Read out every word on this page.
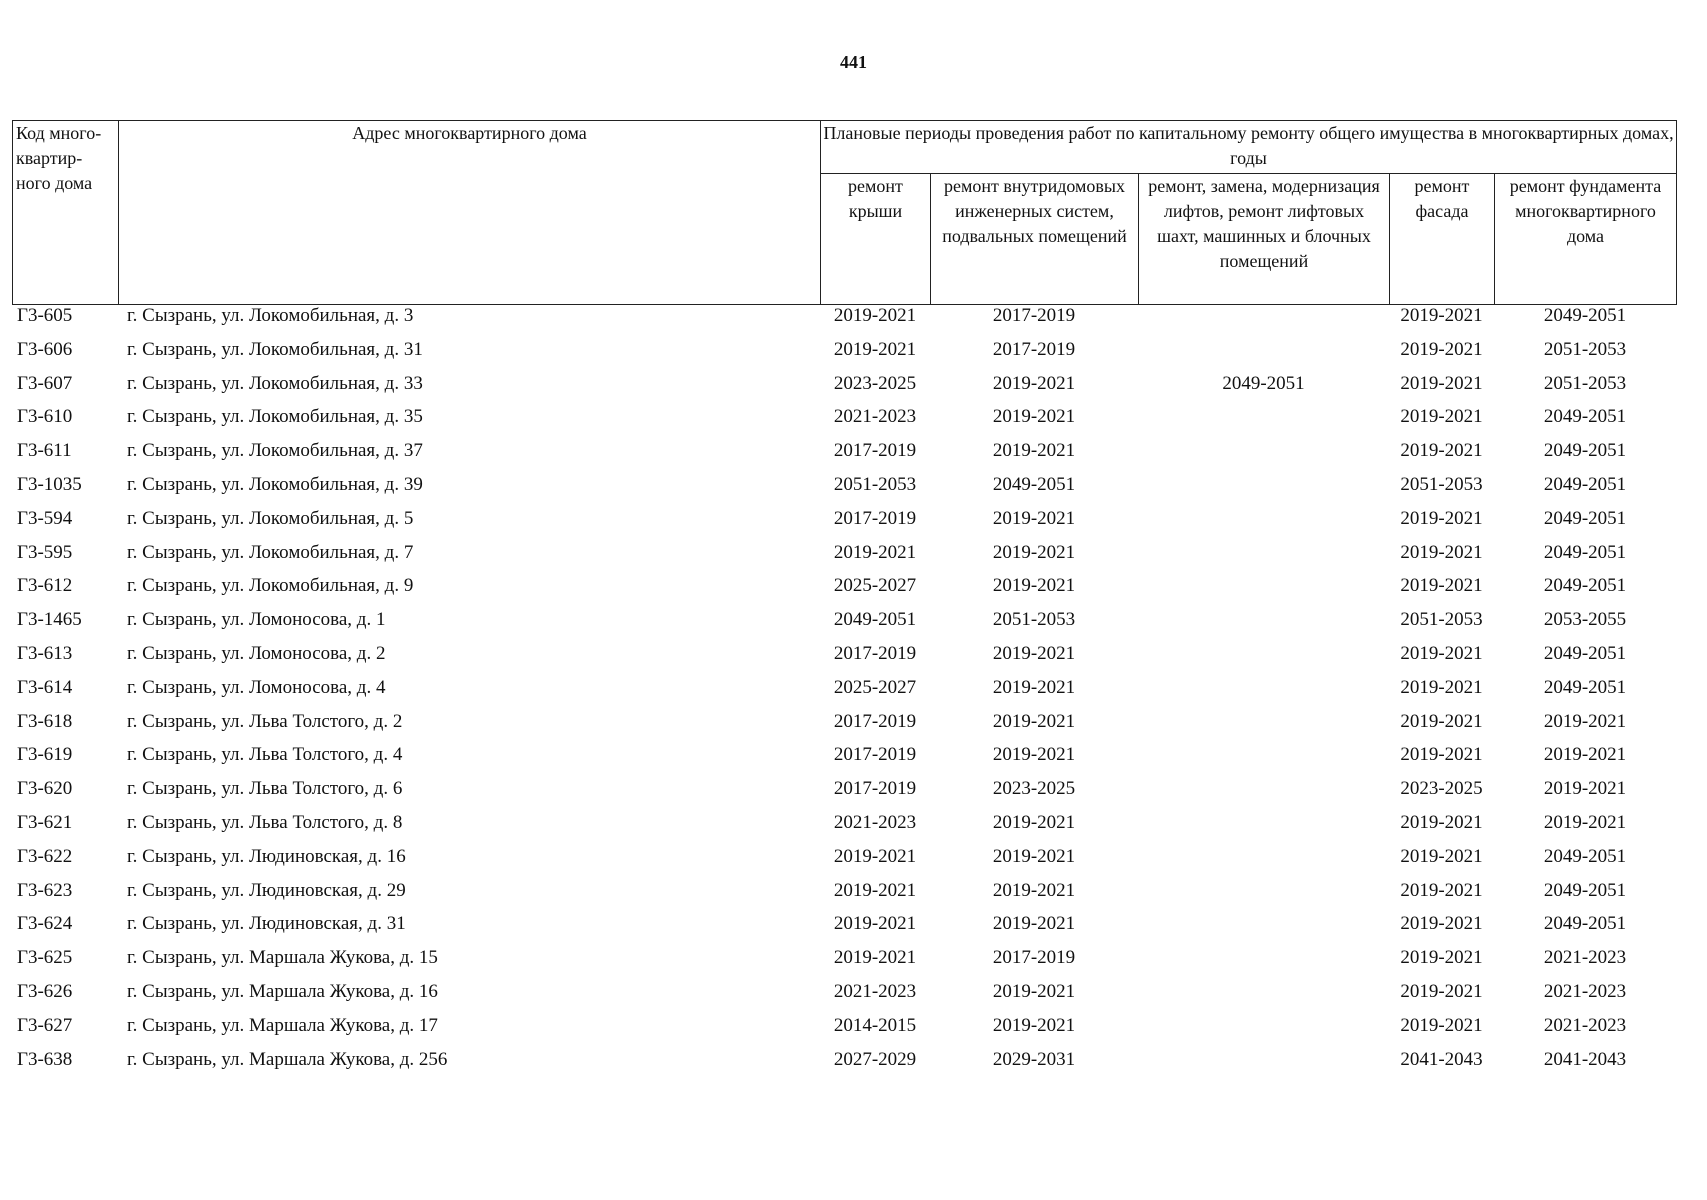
441
Код много-квартир-ного дома	Адрес многоквартирного дома	Плановые периоды проведения работ по капитальному ремонту общего имущества в многоквартирных домах, годы				
		ремонт крыши	ремонт внутридомовых инженерных систем, подвальных помещений	ремонт, замена, модернизация лифтов, ремонт лифтовых шахт, машинных и блочных помещений	ремонт фасада	ремонт фундамента многоквартирного дома
Г3-605	г. Сызрань, ул. Локомобильная, д. 3	2019-2021	2017-2019		2019-2021	2049-2051
Г3-606	г. Сызрань, ул. Локомобильная, д. 31	2019-2021	2017-2019		2019-2021	2051-2053
Г3-607	г. Сызрань, ул. Локомобильная, д. 33	2023-2025	2019-2021	2049-2051	2019-2021	2051-2053
Г3-610	г. Сызрань, ул. Локомобильная, д. 35	2021-2023	2019-2021		2019-2021	2049-2051
Г3-611	г. Сызрань, ул. Локомобильная, д. 37	2017-2019	2019-2021		2019-2021	2049-2051
Г3-1035	г. Сызрань, ул. Локомобильная, д. 39	2051-2053	2049-2051		2051-2053	2049-2051
Г3-594	г. Сызрань, ул. Локомобильная, д. 5	2017-2019	2019-2021		2019-2021	2049-2051
Г3-595	г. Сызрань, ул. Локомобильная, д. 7	2019-2021	2019-2021		2019-2021	2049-2051
Г3-612	г. Сызрань, ул. Локомобильная, д. 9	2025-2027	2019-2021		2019-2021	2049-2051
Г3-1465	г. Сызрань, ул. Ломоносова, д. 1	2049-2051	2051-2053		2051-2053	2053-2055
Г3-613	г. Сызрань, ул. Ломоносова, д. 2	2017-2019	2019-2021		2019-2021	2049-2051
Г3-614	г. Сызрань, ул. Ломоносова, д. 4	2025-2027	2019-2021		2019-2021	2049-2051
Г3-618	г. Сызрань, ул. Льва Толстого, д. 2	2017-2019	2019-2021		2019-2021	2019-2021
Г3-619	г. Сызрань, ул. Льва Толстого, д. 4	2017-2019	2019-2021		2019-2021	2019-2021
Г3-620	г. Сызрань, ул. Льва Толстого, д. 6	2017-2019	2023-2025		2023-2025	2019-2021
Г3-621	г. Сызрань, ул. Льва Толстого, д. 8	2021-2023	2019-2021		2019-2021	2019-2021
Г3-622	г. Сызрань, ул. Людиновская, д. 16	2019-2021	2019-2021		2019-2021	2049-2051
Г3-623	г. Сызрань, ул. Людиновская, д. 29	2019-2021	2019-2021		2019-2021	2049-2051
Г3-624	г. Сызрань, ул. Людиновская, д. 31	2019-2021	2019-2021		2019-2021	2049-2051
Г3-625	г. Сызрань, ул. Маршала Жукова, д. 15	2019-2021	2017-2019		2019-2021	2021-2023
Г3-626	г. Сызрань, ул. Маршала Жукова, д. 16	2021-2023	2019-2021		2019-2021	2021-2023
Г3-627	г. Сызрань, ул. Маршала Жукова, д. 17	2014-2015	2019-2021		2019-2021	2021-2023
Г3-638	г. Сызрань, ул. Маршала Жукова, д. 256	2027-2029	2029-2031		2041-2043	2041-2043
